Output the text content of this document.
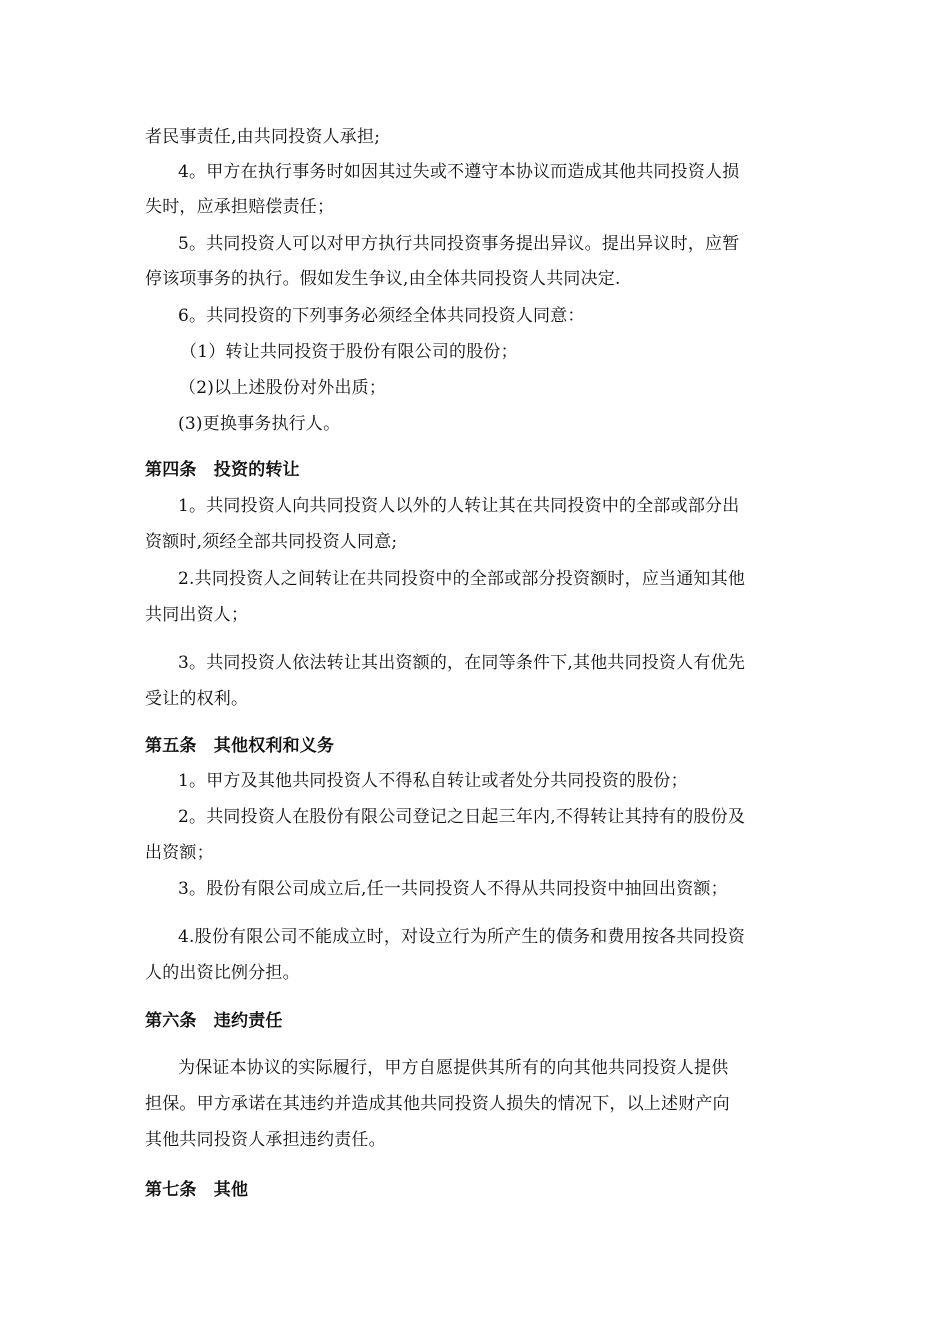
者民事责任,由共同投资人承担;
4。甲方在执行事务时如因其过失或不遵守本协议而造成其他共同投资人损
失时，应承担赔偿责任；
5。共同投资人可以对甲方执行共同投资事务提出异议。提出异议时，应暂
停该项事务的执行。假如发生争议,由全体共同投资人共同决定.
6。共同投资的下列事务必须经全体共同投资人同意：
（1）转让共同投资于股份有限公司的股份；
（2)以上述股份对外出质；
(3)更换事务执行人。
第四条　投资的转让
1。共同投资人向共同投资人以外的人转让其在共同投资中的全部或部分出
资额时,须经全部共同投资人同意;
2.共同投资人之间转让在共同投资中的全部或部分投资额时，应当通知其他
共同出资人；
3。共同投资人依法转让其出资额的，在同等条件下,其他共同投资人有优先
受让的权利。
第五条　其他权利和义务
1。甲方及其他共同投资人不得私自转让或者处分共同投资的股份；
2。共同投资人在股份有限公司登记之日起三年内,不得转让其持有的股份及
出资额；
3。股份有限公司成立后,任一共同投资人不得从共同投资中抽回出资额；
4.股份有限公司不能成立时，对设立行为所产生的债务和费用按各共同投资
人的出资比例分担。
第六条　违约责任
为保证本协议的实际履行，甲方自愿提供其所有的向其他共同投资人提供
担保。甲方承诺在其违约并造成其他共同投资人损失的情况下，以上述财产向
其他共同投资人承担违约责任。
第七条　其他
